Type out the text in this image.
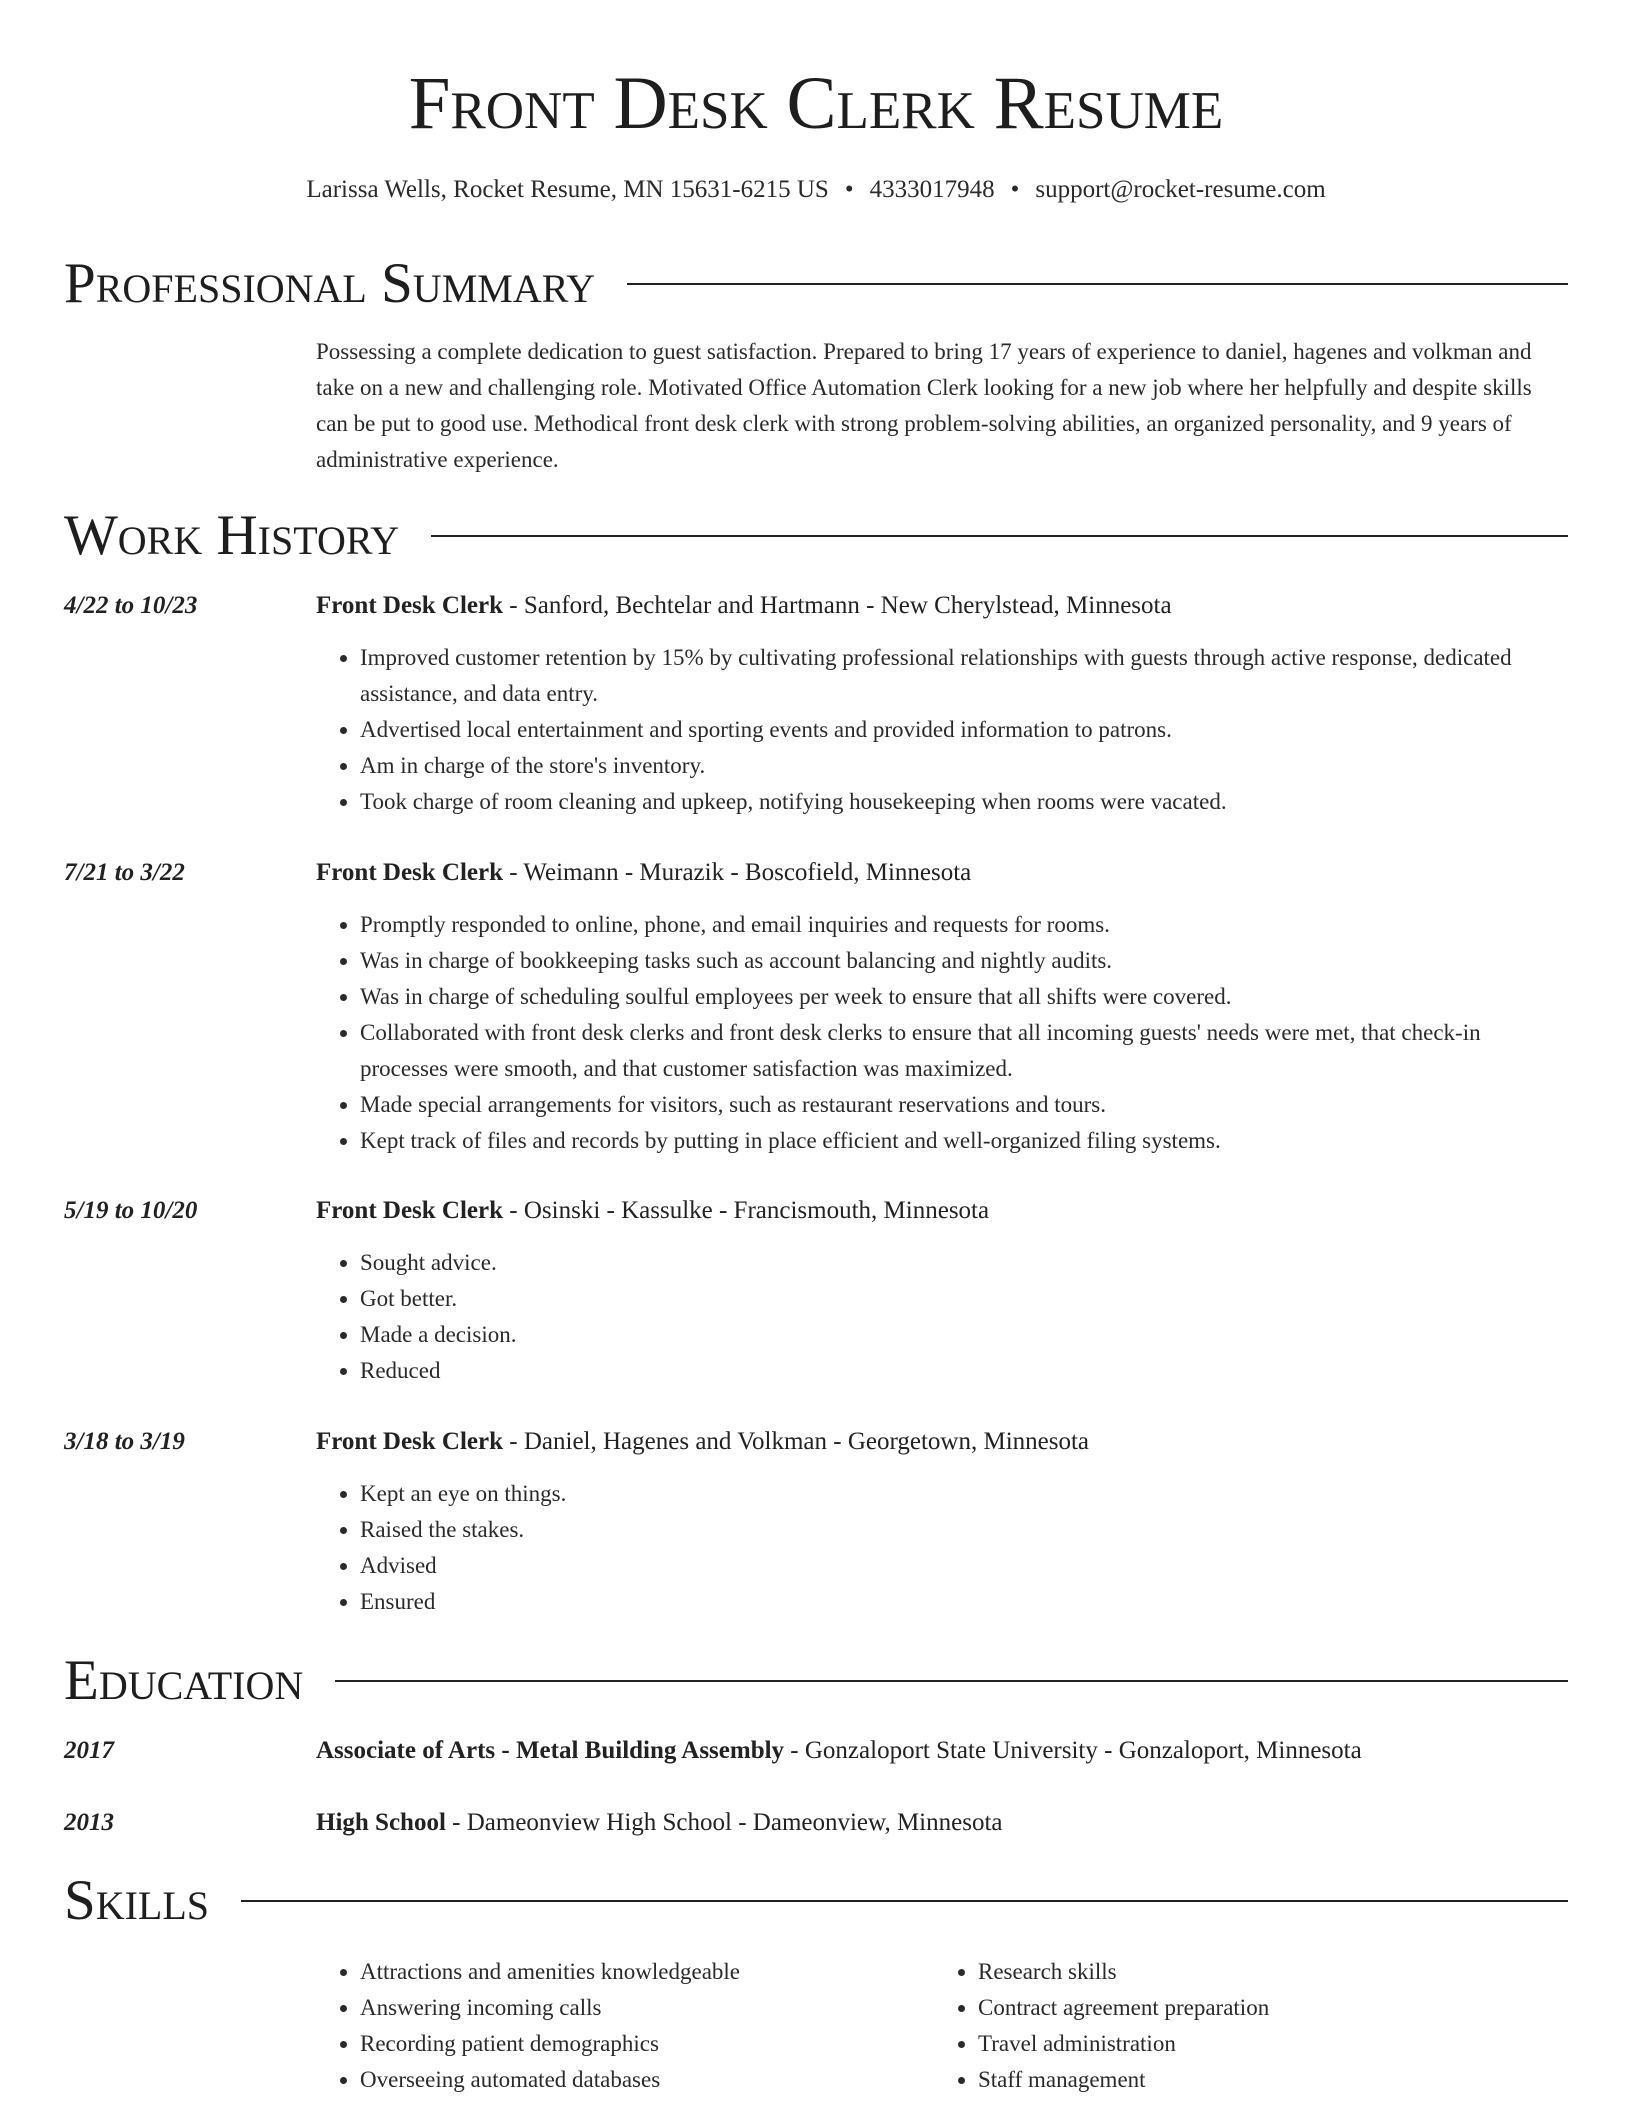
Front Desk Clerk Resume
Larissa Wells, Rocket Resume, MN 15631-6215 US • 4333017948 • support@rocket-resume.com
Professional Summary

Possessing a complete dedication to guest satisfaction. Prepared to bring 17 years of experience to daniel, hagenes and volkman and take on a new and challenging role. Motivated Office Automation Clerk looking for a new job where her helpfully and despite skills can be put to good use. Methodical front desk clerk with strong problem-solving abilities, an organized personality, and 9 years of administrative experience.

Work History
4/22 to 10/23	Front Desk Clerk - Sanford, Bechtelar and Hartmann - New Cherylstead, Minnesota
• Improved customer retention by 15% by cultivating professional relationships with guests through active response, dedicated assistance, and data entry.
• Advertised local entertainment and sporting events and provided information to patrons.
• Am in charge of the store's inventory.
• Took charge of room cleaning and upkeep, notifying housekeeping when rooms were vacated.
7/21 to 3/22	Front Desk Clerk - Weimann - Murazik - Boscofield, Minnesota
• Promptly responded to online, phone, and email inquiries and requests for rooms.
• Was in charge of bookkeeping tasks such as account balancing and nightly audits.
• Was in charge of scheduling soulful employees per week to ensure that all shifts were covered.
• Collaborated with front desk clerks and front desk clerks to ensure that all incoming guests' needs were met, that check-in processes were smooth, and that customer satisfaction was maximized.
• Made special arrangements for visitors, such as restaurant reservations and tours.
• Kept track of files and records by putting in place efficient and well-organized filing systems.
5/19 to 10/20	Front Desk Clerk - Osinski - Kassulke - Francismouth, Minnesota
• Sought advice.
• Got better.
• Made a decision.
• Reduced
3/18 to 3/19	Front Desk Clerk - Daniel, Hagenes and Volkman - Georgetown, Minnesota
• Kept an eye on things.
• Raised the stakes.
• Advised
• Ensured
Education
2017	Associate of Arts - Metal Building Assembly - Gonzaloport State University - Gonzaloport, Minnesota
2013	High School - Dameonview High School - Dameonview, Minnesota
Skills
• Attractions and amenities knowledgeable
• Answering incoming calls
• Recording patient demographics
• Overseeing automated databases
• Research skills
• Contract agreement preparation
• Travel administration
• Staff management
